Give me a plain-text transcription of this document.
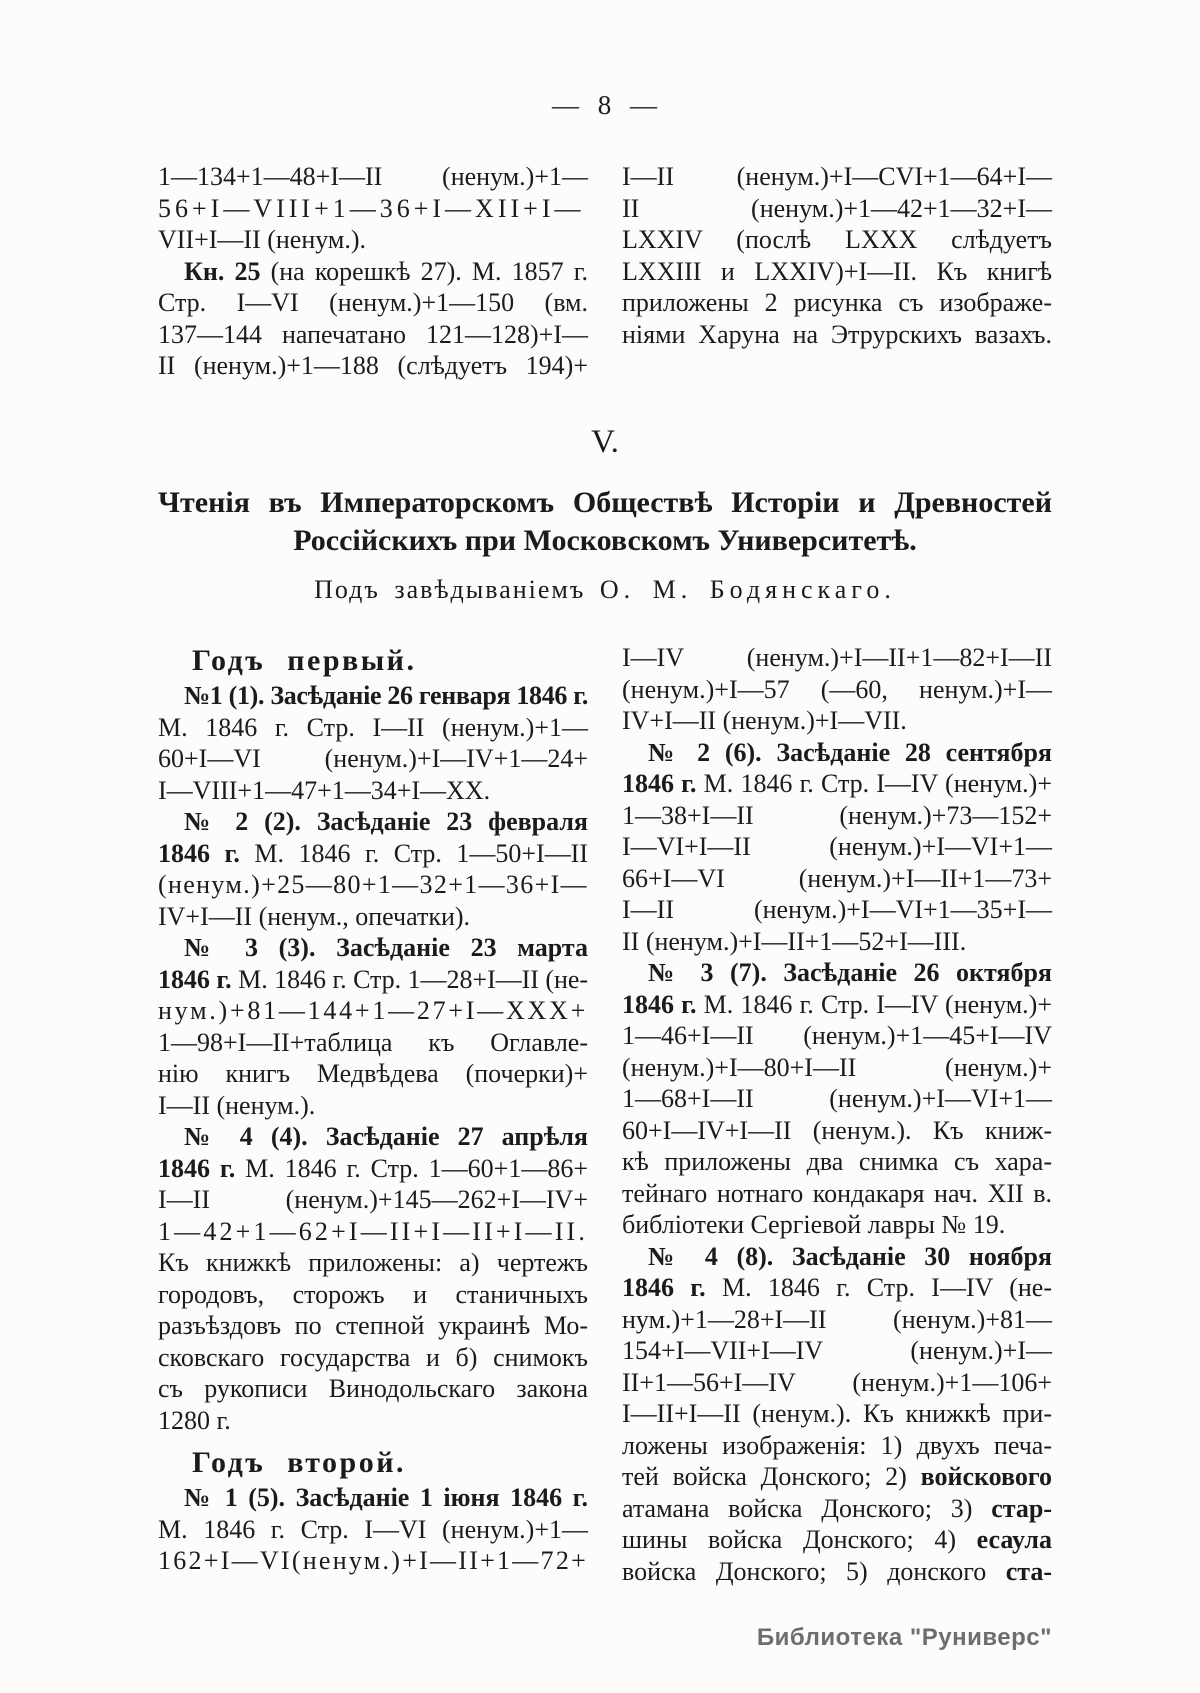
— 8 —
1—134+1—48+I—II (ненум.)+1—
56+I—VIII+1—36+I—XII+I—
VII+I—II (ненум.).
Кн. 25 (на корешкѣ 27). М. 1857 г.
Стр. I—VI (ненум.)+1—150 (вм.
137—144 напечатано 121—128)+I—
II (ненум.)+1—188 (слѣдуетъ 194)+
I—II (ненум.)+I—CVI+1—64+I—
II (ненум.)+1—42+1—32+I—
LXXIV (послѣ LXXX слѣдуетъ
LXXIII и LXXIV)+I—II. Къ книгѣ
приложены 2 рисунка съ изображе-
ніями Харуна на Этрурскихъ вазахъ.
V.
Чтенія въ Императорскомъ Обществѣ Исторіи и Древностей
Россійскихъ при Московскомъ Университетѣ.
Подъ завѣдываніемъ О. М. Бодянскаго.
Годъ первый.
№1 (1). Засѣданіе 26 генваря 1846 г.
М. 1846 г. Стр. I—II (ненум.)+1—
60+I—VI (ненум.)+I—IV+1—24+
I—VIII+1—47+1—34+I—XX.
№ 2 (2). Засѣданіе 23 февраля
1846 г. М. 1846 г. Стр. 1—50+I—II
(ненум.)+25—80+1—32+1—36+I—
IV+I—II (ненум., опечатки).
№ 3 (3). Засѣданіе 23 марта
1846 г. М. 1846 г. Стр. 1—28+I—II (не-
нум.)+81—144+1—27+I—XXX+
1—98+I—II+таблица къ Оглавле-
нію книгъ Медвѣдева (почерки)+
I—II (ненум.).
№ 4 (4). Засѣданіе 27 апрѣля
1846 г. М. 1846 г. Стр. 1—60+1—86+
I—II (ненум.)+145—262+I—IV+
1—42+1—62+I—II+I—II+I—II.
Къ книжкѣ приложены: а) чертежъ
городовъ, сторожъ и станичныхъ
разъѣздовъ по степной украинѣ Мо-
сковскаго государства и б) снимокъ
съ рукописи Винодольскаго закона
1280 г.
Годъ второй.
№ 1 (5). Засѣданіе 1 іюня 1846 г.
М. 1846 г. Стр. I—VI (ненум.)+1—
162+I—VI(ненум.)+I—II+1—72+
I—IV (ненум.)+I—II+1—82+I—II
(ненум.)+I—57 (—60, ненум.)+I—
IV+I—II (ненум.)+I—VII.
№ 2 (6). Засѣданіе 28 сентября
1846 г. М. 1846 г. Стр. I—IV (ненум.)+
1—38+I—II (ненум.)+73—152+
I—VI+I—II (ненум.)+I—VI+1—
66+I—VI (ненум.)+I—II+1—73+
I—II (ненум.)+I—VI+1—35+I—
II (ненум.)+I—II+1—52+I—III.
№ 3 (7). Засѣданіе 26 октября
1846 г. М. 1846 г. Стр. I—IV (ненум.)+
1—46+I—II (ненум.)+1—45+I—IV
(ненум.)+I—80+I—II (ненум.)+
1—68+I—II (ненум.)+I—VI+1—
60+I—IV+I—II (ненум.). Къ книж-
кѣ приложены два снимка съ хара-
тейнаго нотнаго кондакаря нач. XII в.
библіотеки Сергіевой лавры № 19.
№ 4 (8). Засѣданіе 30 ноября
1846 г. М. 1846 г. Стр. I—IV (не-
нум.)+1—28+I—II (ненум.)+81—
154+I—VII+I—IV (ненум.)+I—
II+1—56+I—IV (ненум.)+1—106+
I—II+I—II (ненум.). Къ книжкѣ при-
ложены изображенія: 1) двухъ печа-
тей войска Донского; 2) войскового
атамана войска Донского; 3) стар-
шины войска Донского; 4) есаула
войска Донского; 5) донского ста-
Библиотека "Руниверс"
